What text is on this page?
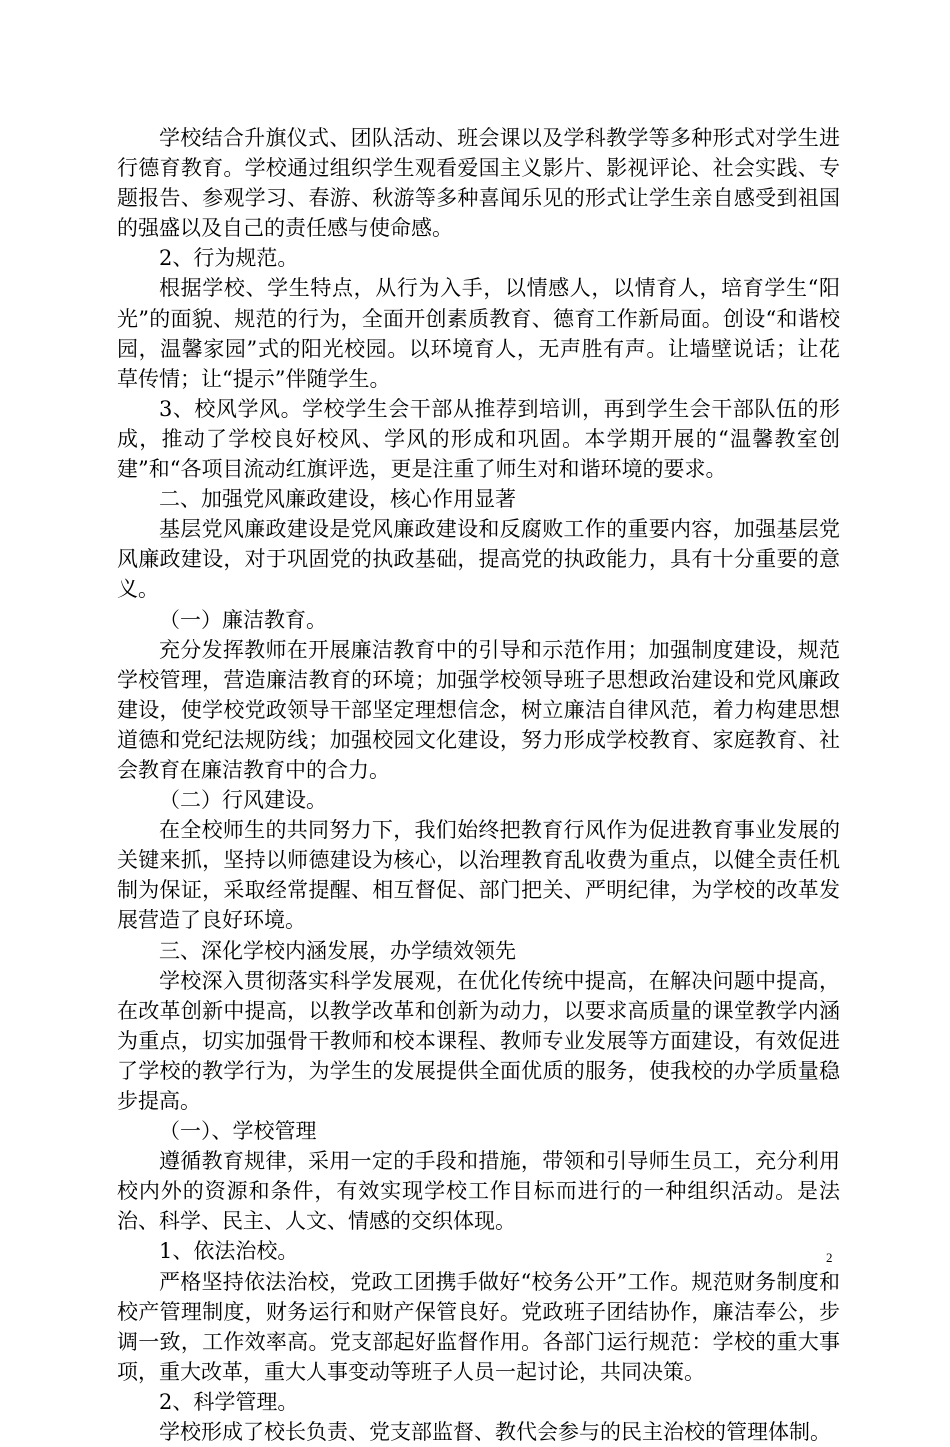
学校结合升旗仪式、团队活动、班会课以及学科教学等多种形式对学生进行德育教育。学校通过组织学生观看爱国主义影片、影视评论、社会实践、专题报告、参观学习、春游、秋游等多种喜闻乐见的形式让学生亲自感受到祖国的强盛以及自己的责任感与使命感。

2、行为规范。

根据学校、学生特点，从行为入手，以情感人，以情育人，培育学生“阳光”的面貌、规范的行为，全面开创素质教育、德育工作新局面。创设“和谐校园，温馨家园”式的阳光校园。以环境育人，无声胜有声。让墙壁说话；让花草传情；让“提示”伴随学生。

3、校风学风。学校学生会干部从推荐到培训，再到学生会干部队伍的形成，推动了学校良好校风、学风的形成和巩固。本学期开展的“温馨教室创建”和“各项目流动红旗评选，更是注重了师生对和谐环境的要求。

二、加强党风廉政建设，核心作用显著

基层党风廉政建设是党风廉政建设和反腐败工作的重要内容，加强基层党风廉政建设，对于巩固党的执政基础，提高党的执政能力，具有十分重要的意义。

（一）廉洁教育。

充分发挥教师在开展廉洁教育中的引导和示范作用；加强制度建设，规范学校管理，营造廉洁教育的环境；加强学校领导班子思想政治建设和党风廉政建设，使学校党政领导干部坚定理想信念，树立廉洁自律风范，着力构建思想道德和党纪法规防线；加强校园文化建设，努力形成学校教育、家庭教育、社会教育在廉洁教育中的合力。

（二）行风建设。

在全校师生的共同努力下，我们始终把教育行风作为促进教育事业发展的关键来抓，坚持以师德建设为核心，以治理教育乱收费为重点，以健全责任机制为保证，采取经常提醒、相互督促、部门把关、严明纪律，为学校的改革发展营造了良好环境。

三、深化学校内涵发展，办学绩效领先

学校深入贯彻落实科学发展观，在优化传统中提高，在解决问题中提高，在改革创新中提高，以教学改革和创新为动力，以要求高质量的课堂教学内涵为重点，切实加强骨干教师和校本课程、教师专业发展等方面建设，有效促进了学校的教学行为，为学生的发展提供全面优质的服务，使我校的办学质量稳步提高。

（一）、学校管理

遵循教育规律，采用一定的手段和措施，带领和引导师生员工，充分利用校内外的资源和条件，有效实现学校工作目标而进行的一种组织活动。是法治、科学、民主、人文、情感的交织体现。

1、依法治校。

严格坚持依法治校，党政工团携手做好“校务公开”工作。规范财务制度和校产管理制度，财务运行和财产保管良好。党政班子团结协作，廉洁奉公，步调一致，工作效率高。党支部起好监督作用。各部门运行规范：学校的重大事项，重大改革，重大人事变动等班子人员一起讨论，共同决策。

2、科学管理。

学校形成了校长负责、党支部监督、教代会参与的民主治校的管理体制。

2
